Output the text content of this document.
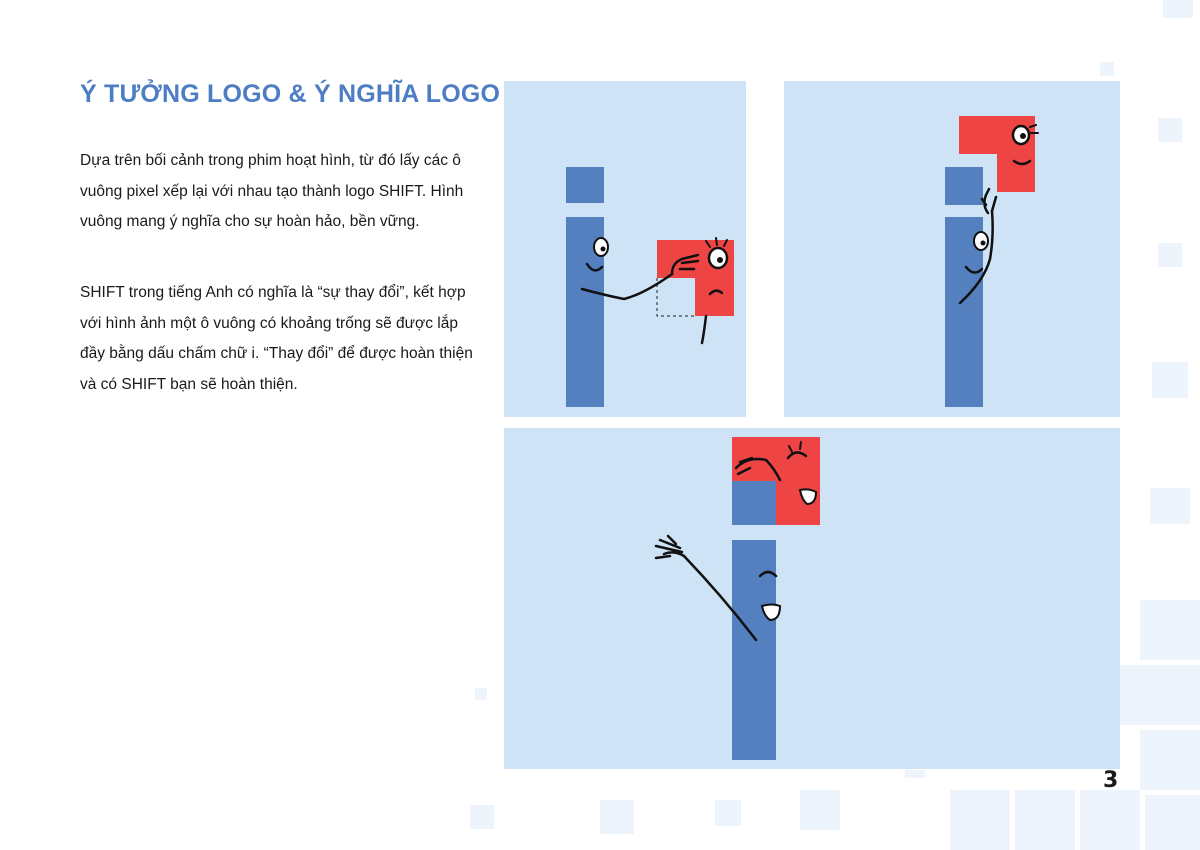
Ý TƯỞNG LOGO & Ý NGHĨA LOGO

Dựa trên bối cảnh trong phim hoạt hình, từ đó lấy các ô vuông pixel xếp lại với nhau tạo thành logo SHIFT. Hình vuông mang ý nghĩa cho sự hoàn hảo, bền vững.

SHIFT trong tiếng Anh có nghĩa là “sự thay đổi”, kết hợp với hình ảnh một ô vuông có khoảng trống sẽ được lắp đầy bằng dấu chấm chữ i. “Thay đổi” để được hoàn thiện và có SHIFT bạn sẽ hoàn thiện.

3
